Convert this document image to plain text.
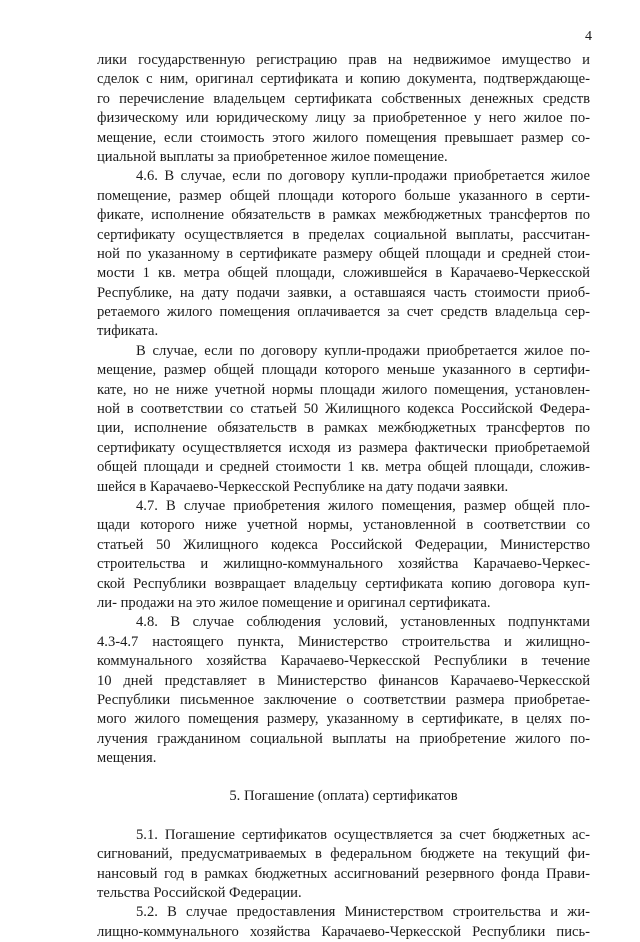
4
лики государственную регистрацию прав на недвижимое имущество и
сделок с ним, оригинал сертификата и копию документа, подтверждающе-
го перечисление владельцем сертификата собственных денежных средств
физическому или юридическому лицу за приобретенное у него жилое по-
мещение, если стоимость этого жилого помещения превышает размер со-
циальной выплаты за приобретенное жилое помещение.
4.6. В случае, если по договору купли-продажи приобретается жилое
помещение, размер общей площади которого больше указанного в серти-
фикате, исполнение обязательств в рамках межбюджетных трансфертов по
сертификату осуществляется в пределах социальной выплаты, рассчитан-
ной по указанному в сертификате размеру общей площади и средней стои-
мости 1 кв. метра общей площади, сложившейся в Карачаево-Черкесской
Республике, на дату подачи заявки, а оставшаяся часть стоимости приоб-
ретаемого жилого помещения оплачивается за счет средств владельца сер-
тификата.
В случае, если по договору купли-продажи приобретается жилое по-
мещение, размер общей площади которого меньше указанного в сертифи-
кате, но не ниже учетной нормы площади жилого помещения, установлен-
ной в соответствии со статьей 50 Жилищного кодекса Российской Федера-
ции, исполнение обязательств в рамках межбюджетных трансфертов по
сертификату осуществляется исходя из размера фактически приобретаемой
общей площади и средней стоимости 1 кв. метра общей площади, сложив-
шейся в Карачаево-Черкесской Республике на дату подачи заявки.
4.7. В случае приобретения жилого помещения, размер общей пло-
щади которого ниже учетной нормы, установленной в соответствии со
статьей 50 Жилищного кодекса Российской Федерации, Министерство
строительства и жилищно-коммунального хозяйства Карачаево-Черкес-
ской Республики возвращает владельцу сертификата копию договора куп-
ли- продажи на это жилое помещение и оригинал сертификата.
4.8. В случае соблюдения условий, установленных подпунктами
4.3-4.7 настоящего пункта, Министерство строительства и жилищно-
коммунального хозяйства Карачаево-Черкесской Республики в течение
10 дней представляет в Министерство финансов Карачаево-Черкесской
Республики письменное заключение о соответствии размера приобретае-
мого жилого помещения размеру, указанному в сертификате, в целях по-
лучения гражданином социальной выплаты на приобретение жилого по-
мещения.
5. Погашение (оплата) сертификатов
5.1. Погашение сертификатов осуществляется за счет бюджетных ас-
сигнований, предусматриваемых в федеральном бюджете на текущий фи-
нансовый год в рамках бюджетных ассигнований резервного фонда Прави-
тельства Российской Федерации.
5.2. В случае предоставления Министерством строительства и жи-
лищно-коммунального хозяйства Карачаево-Черкесской Республики пись-
